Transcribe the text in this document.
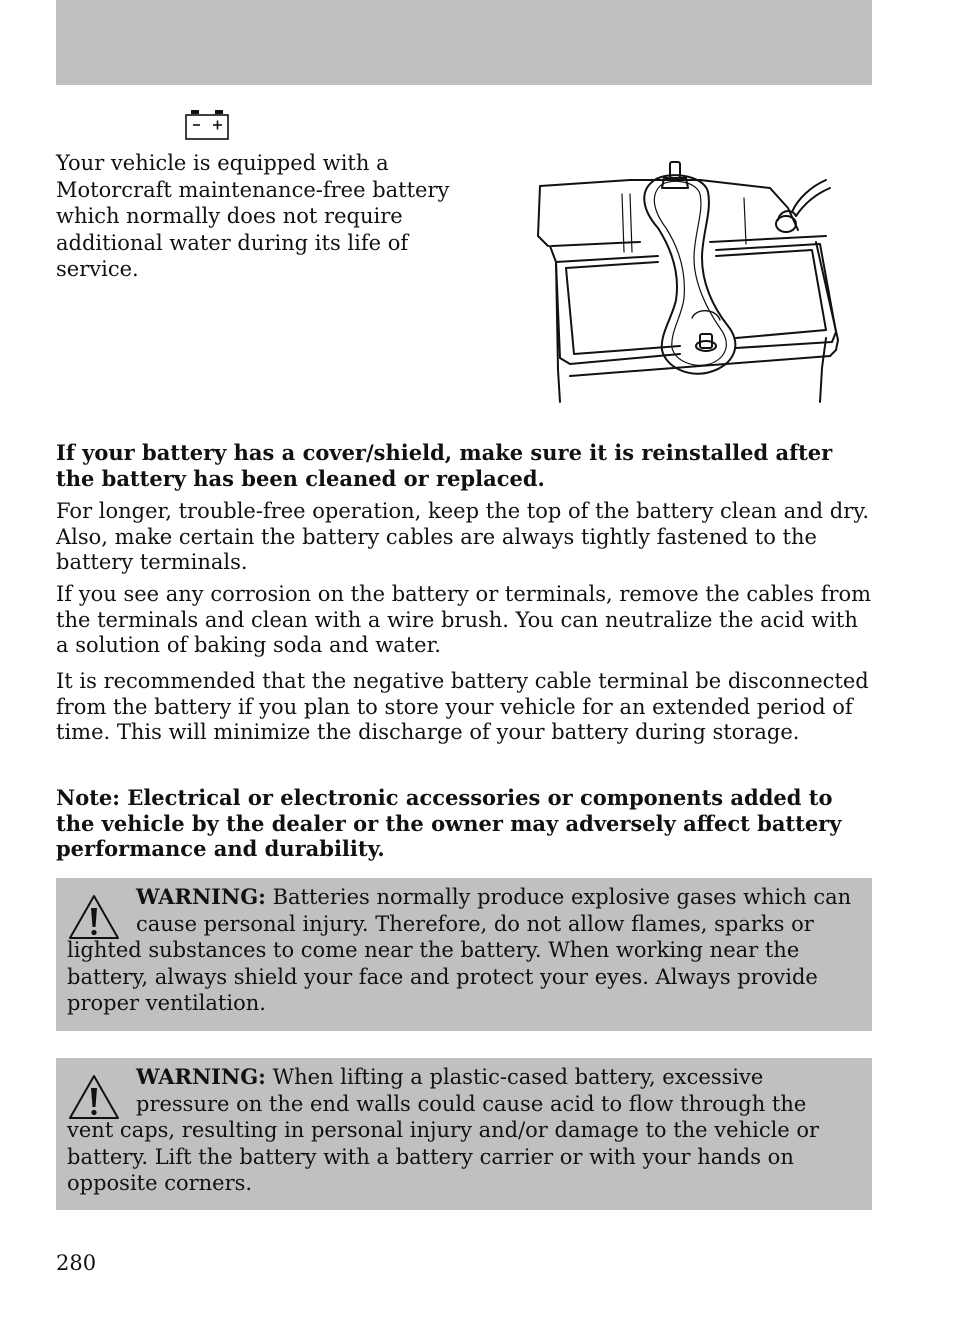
Your vehicle is equipped with a Motorcraft maintenance-free battery which normally does not require additional water during its life of service.

If your battery has a cover/shield, make sure it is reinstalled after the battery has been cleaned or replaced.

For longer, trouble-free operation, keep the top of the battery clean and dry. Also, make certain the battery cables are always tightly fastened to the battery terminals.

If you see any corrosion on the battery or terminals, remove the cables from the terminals and clean with a wire brush. You can neutralize the acid with a solution of baking soda and water.

It is recommended that the negative battery cable terminal be disconnected from the battery if you plan to store your vehicle for an extended period of time. This will minimize the discharge of your battery during storage.

Note: Electrical or electronic accessories or components added to the vehicle by the dealer or the owner may adversely affect battery performance and durability.

WARNING: Batteries normally produce explosive gases which can cause personal injury. Therefore, do not allow flames, sparks or lighted substances to come near the battery. When working near the battery, always shield your face and protect your eyes. Always provide proper ventilation.

WARNING: When lifting a plastic-cased battery, excessive pressure on the end walls could cause acid to flow through the vent caps, resulting in personal injury and/or damage to the vehicle or battery. Lift the battery with a battery carrier or with your hands on opposite corners.

280
